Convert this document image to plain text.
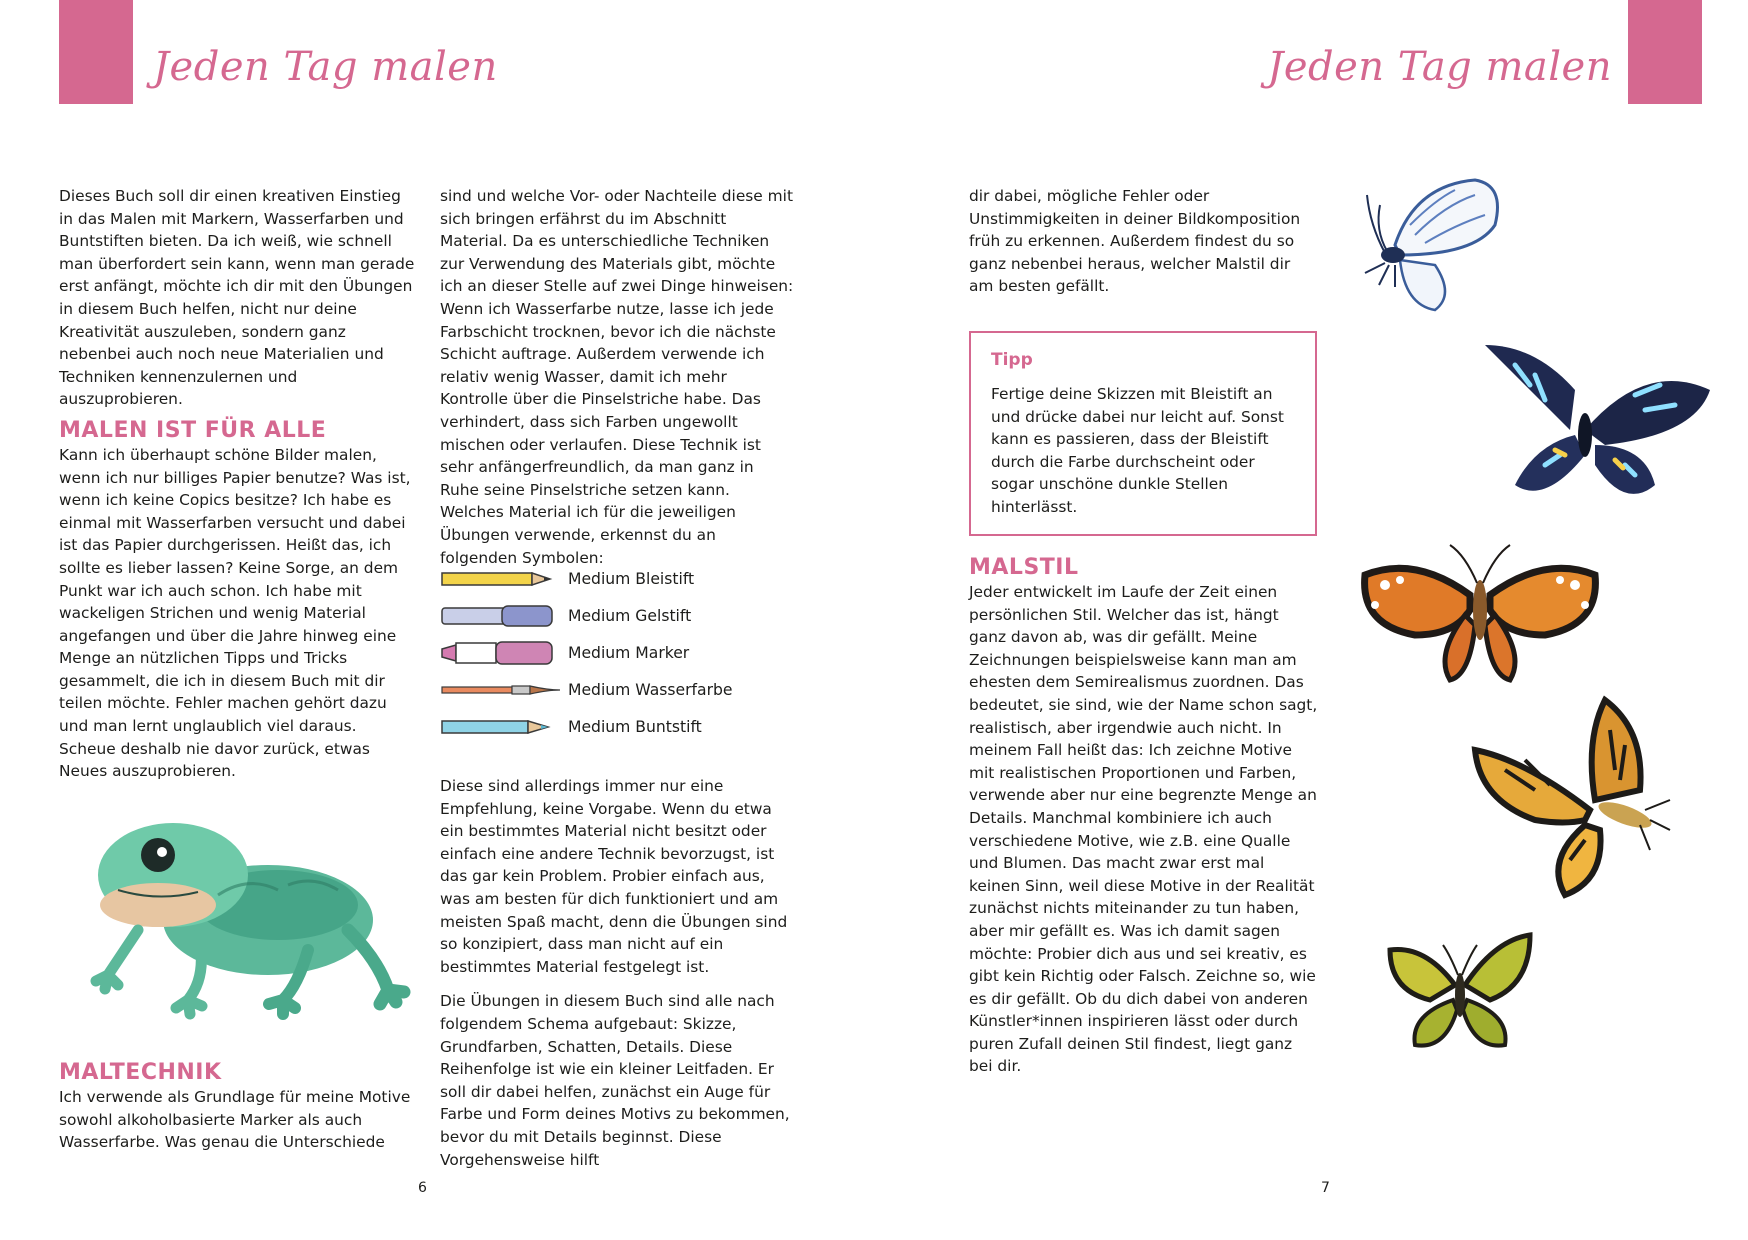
Jeden Tag malen	Jeden Tag malen

Dieses Buch soll dir einen kreativen Einstieg in das Malen mit Markern, Wasserfarben und Buntstiften bieten. Da ich weiß, wie schnell man überfordert sein kann, wenn man gerade erst anfängt, möchte ich dir mit den Übungen in diesem Buch helfen, nicht nur deine Kreativität auszuleben, sondern ganz nebenbei auch noch neue Materialien und Techniken kennenzulernen und auszuprobieren.

MALEN IST FÜR ALLE

Kann ich überhaupt schöne Bilder malen, wenn ich nur billiges Papier benutze? Was ist, wenn ich keine Copics besitze? Ich habe es einmal mit Wasserfarben versucht und dabei ist das Papier durchgerissen. Heißt das, ich sollte es lieber lassen? Keine Sorge, an dem Punkt war ich auch schon. Ich habe mit wackeligen Strichen und wenig Material angefangen und über die Jahre hinweg eine Menge an nützlichen Tipps und Tricks gesammelt, die ich in diesem Buch mit dir teilen möchte. Fehler machen gehört dazu und man lernt unglaublich viel daraus. Scheue deshalb nie davor zurück, etwas Neues auszuprobieren.

MALTECHNIK

Ich verwende als Grundlage für meine Motive sowohl alkoholbasierte Marker als auch Wasserfarbe. Was genau die Unterschiede

sind und welche Vor- oder Nachteile diese mit sich bringen erfährst du im Abschnitt Material. Da es unterschiedliche Techniken zur Verwendung des Materials gibt, möchte ich an dieser Stelle auf zwei Dinge hinweisen: Wenn ich Wasserfarbe nutze, lasse ich jede Farbschicht trocknen, bevor ich die nächste Schicht auftrage. Außerdem verwende ich relativ wenig Wasser, damit ich mehr Kontrolle über die Pinselstriche habe. Das verhindert, dass sich Farben ungewollt mischen oder verlaufen. Diese Technik ist sehr anfängerfreundlich, da man ganz in Ruhe seine Pinselstriche setzen kann. Welches Material ich für die jeweiligen Übungen verwende, erkennst du an folgenden Symbolen:

Medium Bleistift
Medium Gelstift
Medium Marker
Medium Wasserfarbe
Medium Buntstift

Diese sind allerdings immer nur eine Empfehlung, keine Vorgabe. Wenn du etwa ein bestimmtes Material nicht besitzt oder einfach eine andere Technik bevorzugst, ist das gar kein Problem. Probier einfach aus, was am besten für dich funktioniert und am meisten Spaß macht, denn die Übungen sind so konzipiert, dass man nicht auf ein bestimmtes Material festgelegt ist.

Die Übungen in diesem Buch sind alle nach folgendem Schema aufgebaut: Skizze, Grundfarben, Schatten, Details. Diese Reihenfolge ist wie ein kleiner Leitfaden. Er soll dir dabei helfen, zunächst ein Auge für Farbe und Form deines Motivs zu bekommen, bevor du mit Details beginnst. Diese Vorgehensweise hilft

dir dabei, mögliche Fehler oder Unstimmigkeiten in deiner Bildkomposition früh zu erkennen. Außerdem findest du so ganz nebenbei heraus, welcher Malstil dir am besten gefällt.

Tipp

Fertige deine Skizzen mit Bleistift an und drücke dabei nur leicht auf. Sonst kann es passieren, dass der Bleistift durch die Farbe durchscheint oder sogar unschöne dunkle Stellen hinterlässt.

MALSTIL

Jeder entwickelt im Laufe der Zeit einen persönlichen Stil. Welcher das ist, hängt ganz davon ab, was dir gefällt. Meine Zeichnungen beispielsweise kann man am ehesten dem Semirealismus zuordnen. Das bedeutet, sie sind, wie der Name schon sagt, realistisch, aber irgendwie auch nicht. In meinem Fall heißt das: Ich zeichne Motive mit realistischen Proportionen und Farben, verwende aber nur eine begrenzte Menge an Details. Manchmal kombiniere ich auch verschiedene Motive, wie z.B. eine Qualle und Blumen. Das macht zwar erst mal keinen Sinn, weil diese Motive in der Realität zunächst nichts miteinander zu tun haben, aber mir gefällt es. Was ich damit sagen möchte: Probier dich aus und sei kreativ, es gibt kein Richtig oder Falsch. Zeichne so, wie es dir gefällt. Ob du dich dabei von anderen Künstler*innen inspirieren lässt oder durch puren Zufall deinen Stil findest, liegt ganz bei dir.

6	7
